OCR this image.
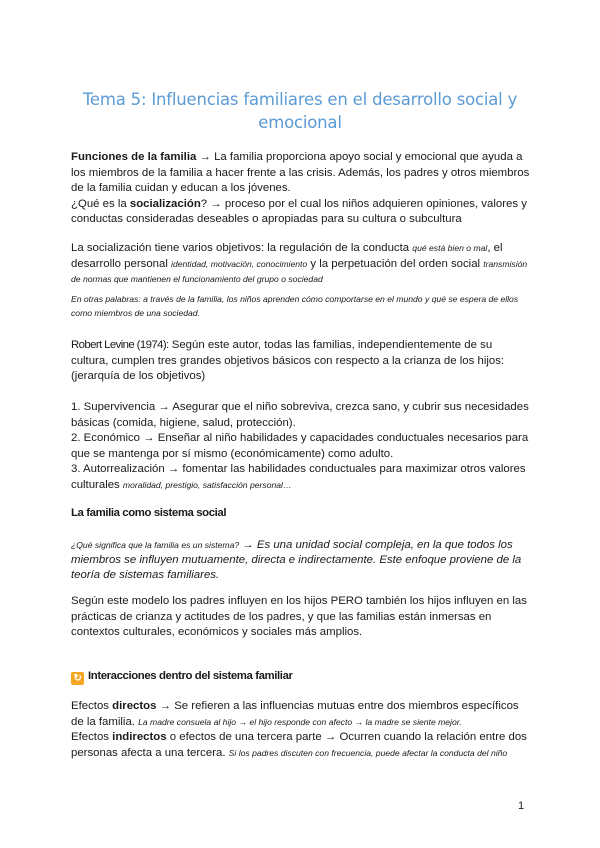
Tema 5: Influencias familiares en el desarrollo social y emocional

Funciones de la familia → La familia proporciona apoyo social y emocional que ayuda a los miembros de la familia a hacer frente a las crisis. Además, los padres y otros miembros de la familia cuidan y educan a los jóvenes.

¿Qué es la socialización? → proceso por el cual los niños adquieren opiniones, valores y conductas consideradas deseables o apropiadas para su cultura o subcultura

La socialización tiene varios objetivos: la regulación de la conducta qué está bien o mal, el desarrollo personal identidad, motivación, conocimiento y la perpetuación del orden social transmisión de normas que mantienen el funcionamiento del grupo o sociedad

En otras palabras: a través de la familia, los niños aprenden cómo comportarse en el mundo y qué se espera de ellos como miembros de una sociedad.

Robert Levine (1974): Según este autor, todas las familias, independientemente de su cultura, cumplen tres grandes objetivos básicos con respecto a la crianza de los hijos: (jerarquía de los objetivos)

1. Supervivencia → Asegurar que el niño sobreviva, crezca sano, y cubrir sus necesidades básicas (comida, higiene, salud, protección).

2. Económico → Enseñar al niño habilidades y capacidades conductuales necesarios para que se mantenga por sí mismo (económicamente) como adulto.

3. Autorrealización → fomentar las habilidades conductuales para maximizar otros valores culturales moralidad, prestigio, satisfacción personal…

La familia como sistema social

¿Qué significa que la familia es un sistema? → Es una unidad social compleja, en la que todos los miembros se influyen mutuamente, directa e indirectamente. Este enfoque proviene de la teoría de sistemas familiares.

Según este modelo los padres influyen en los hijos PERO también los hijos influyen en las prácticas de crianza y actitudes de los padres, y que las familias están inmersas en contextos culturales, económicos y sociales más amplios.
↻ Interacciones dentro del sistema familiar

Efectos directos → Se refieren a las influencias mutuas entre dos miembros específicos de la familia. La madre consuela al hijo → el hijo responde con afecto → la madre se siente mejor.

Efectos indirectos o efectos de una tercera parte → Ocurren cuando la relación entre dos personas afecta a una tercera. Si los padres discuten con frecuencia, puede afectar la conducta del niño

1
